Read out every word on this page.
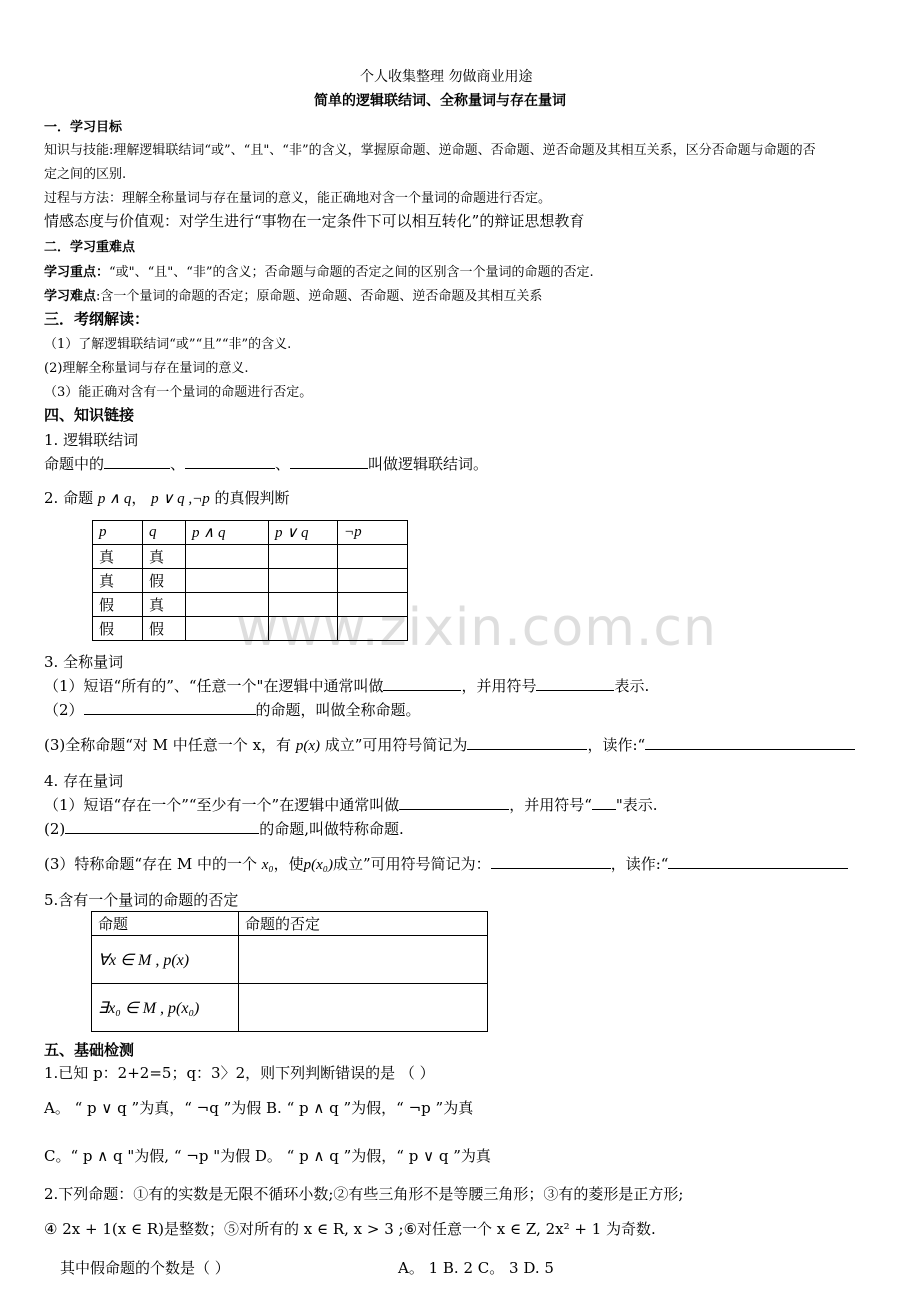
www.zixin.com.cn
个人收集整理 勿做商业用途
简单的逻辑联结词、全称量词与存在量词
一．学习目标
知识与技能:理解逻辑联结词“或”、“且"、“非”的含义，掌握原命题、逆命题、否命题、逆否命题及其相互关系，区分否命题与命题的否
定之间的区别.
过程与方法：理解全称量词与存在量词的意义，能正确地对含一个量词的命题进行否定。
情感态度与价值观：对学生进行“事物在一定条件下可以相互转化”的辩证思想教育
二．学习重难点
学习重点：“或"、“且"、“非”的含义；否命题与命题的否定之间的区别含一个量词的命题的否定.
学习难点:含一个量词的命题的否定；原命题、逆命题、否命题、逆否命题及其相互关系
三．考纲解读：
（1）了解逻辑联结词“或”“且”“非”的含义.
(2)理解全称量词与存在量词的意义.
（3）能正确对含有一个量词的命题进行否定。
四、知识链接
1. 逻辑联结词
命题中的	、	、	叫做逻辑联结词。
2. 命题 p ∧ q， p ∨ q ,¬p 的真假判断
p	q	p ∧ q	p ∨ q	¬p
真	真			
真	假			
假	真			
假	假			
3. 全称量词
（1）短语“所有的”、“任意一个"在逻辑中通常叫做	，并用符号	表示.
（2）	的命题，叫做全称命题。
(3)全称命题“对 M 中任意一个 x，有 p(x) 成立”可用符号简记为	，读作:“
4. 存在量词
（1）短语“存在一个”“至少有一个”在逻辑中通常叫做	，并用符号“ "表示.
(2)	的命题,叫做特称命题.
(3）特称命题“存在 M 中的一个 x₀，使p(x₀)成立”可用符号简记为：	，读作:“
5.含有一个量词的命题的否定
命题	命题的否定
∀x ∈ M , p(x)	
∃x₀ ∈ M , p(x₀)	
五、基础检测
1.已知 p：2+2=5；q：3〉2，则下列判断错误的是 （ ）
A。 “ p ∨ q ”为真，“ ¬q ”为假 B. “ p ∧ q ”为假，“ ¬p ”为真
C。“ p ∧ q "为假, “ ¬p "为假 D。 “ p ∧ q ”为假，“ p ∨ q ”为真
2.下列命题：①有的实数是无限不循环小数;②有些三角形不是等腰三角形；③有的菱形是正方形;
④ 2x + 1(x ∈ R)是整数；⑤对所有的 x ∈ R, x > 3 ;⑥对任意一个 x ∈ Z, 2x² + 1 为奇数.
其中假命题的个数是（ ）	A。 1 B. 2 C。 3 D. 5
